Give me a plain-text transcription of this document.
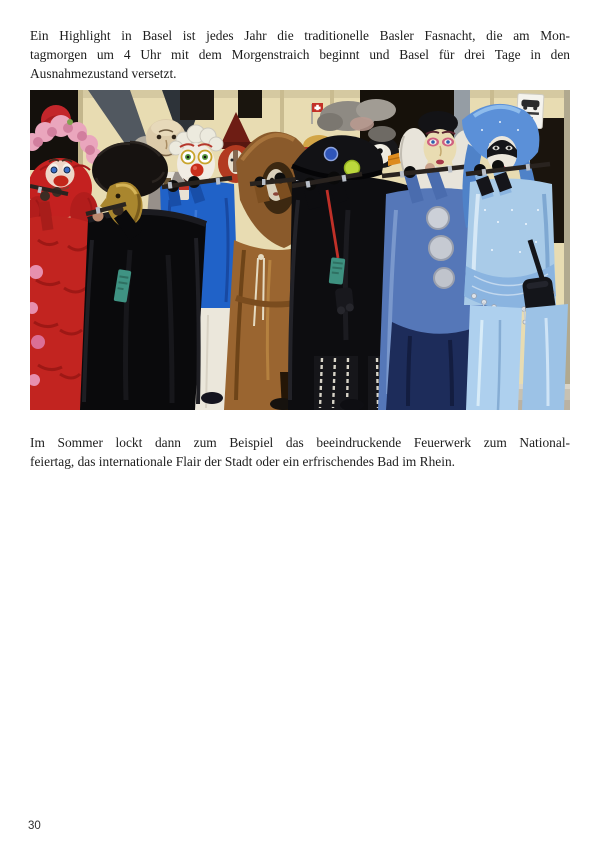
Ein Highlight in Basel ist jedes Jahr die traditionelle Basler Fasnacht, die am Mon-
tagmorgen um 4 Uhr mit dem Morgenstraich beginnt und Basel für drei Tage in den
Ausnahmezustand versetzt.
Im Sommer lockt dann zum Beispiel das beeindruckende Feuerwerk zum National-
feiertag, das internationale Flair der Stadt oder ein erfrischendes Bad im Rhein.
30
